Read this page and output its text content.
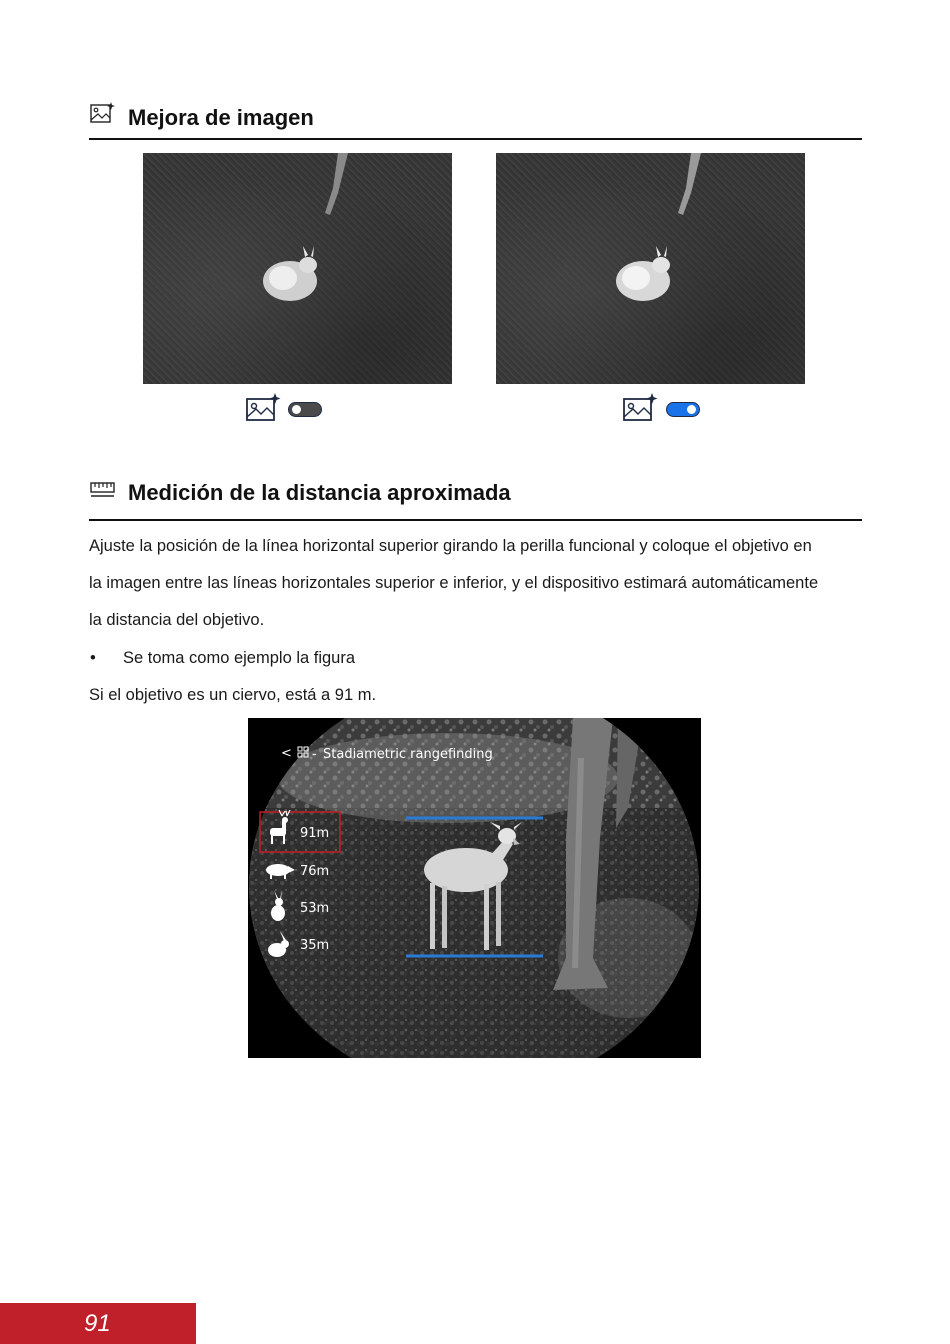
Mejora de imagen
Medición de la distancia aproximada
Ajuste la posición de la línea horizontal superior girando la perilla funcional y coloque el objetivo en
la imagen entre las líneas horizontales superior e inferior, y el dispositivo estimará automáticamente
la distancia del objetivo.
• Se toma como ejemplo la figura
Si el objetivo es un ciervo, está a 91 m.
< - Stadiametric rangefinding
91m
76m
53m
35m
91
